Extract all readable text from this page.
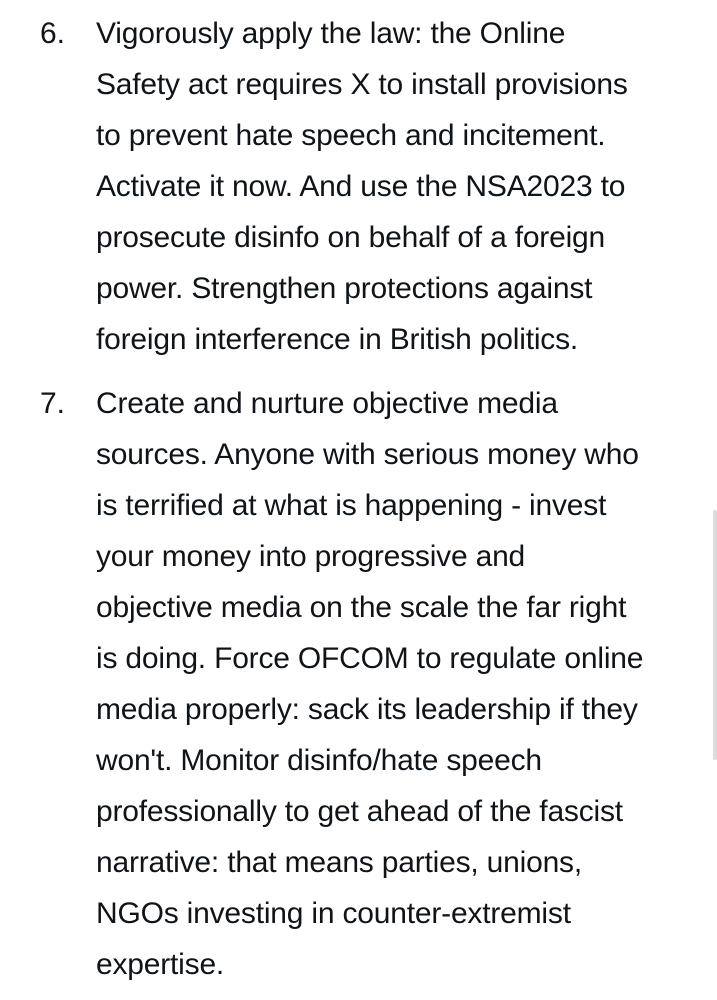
6. Vigorously apply the law: the Online
Safety act requires X to install provisions
to prevent hate speech and incitement.
Activate it now. And use the NSA2023 to
prosecute disinfo on behalf of a foreign
power. Strengthen protections against
foreign interference in British politics.
7. Create and nurture objective media
sources. Anyone with serious money who
is terrified at what is happening - invest
your money into progressive and
objective media on the scale the far right
is doing. Force OFCOM to regulate online
media properly: sack its leadership if they
won't. Monitor disinfo/hate speech
professionally to get ahead of the fascist
narrative: that means parties, unions,
NGOs investing in counter-extremist
expertise.
